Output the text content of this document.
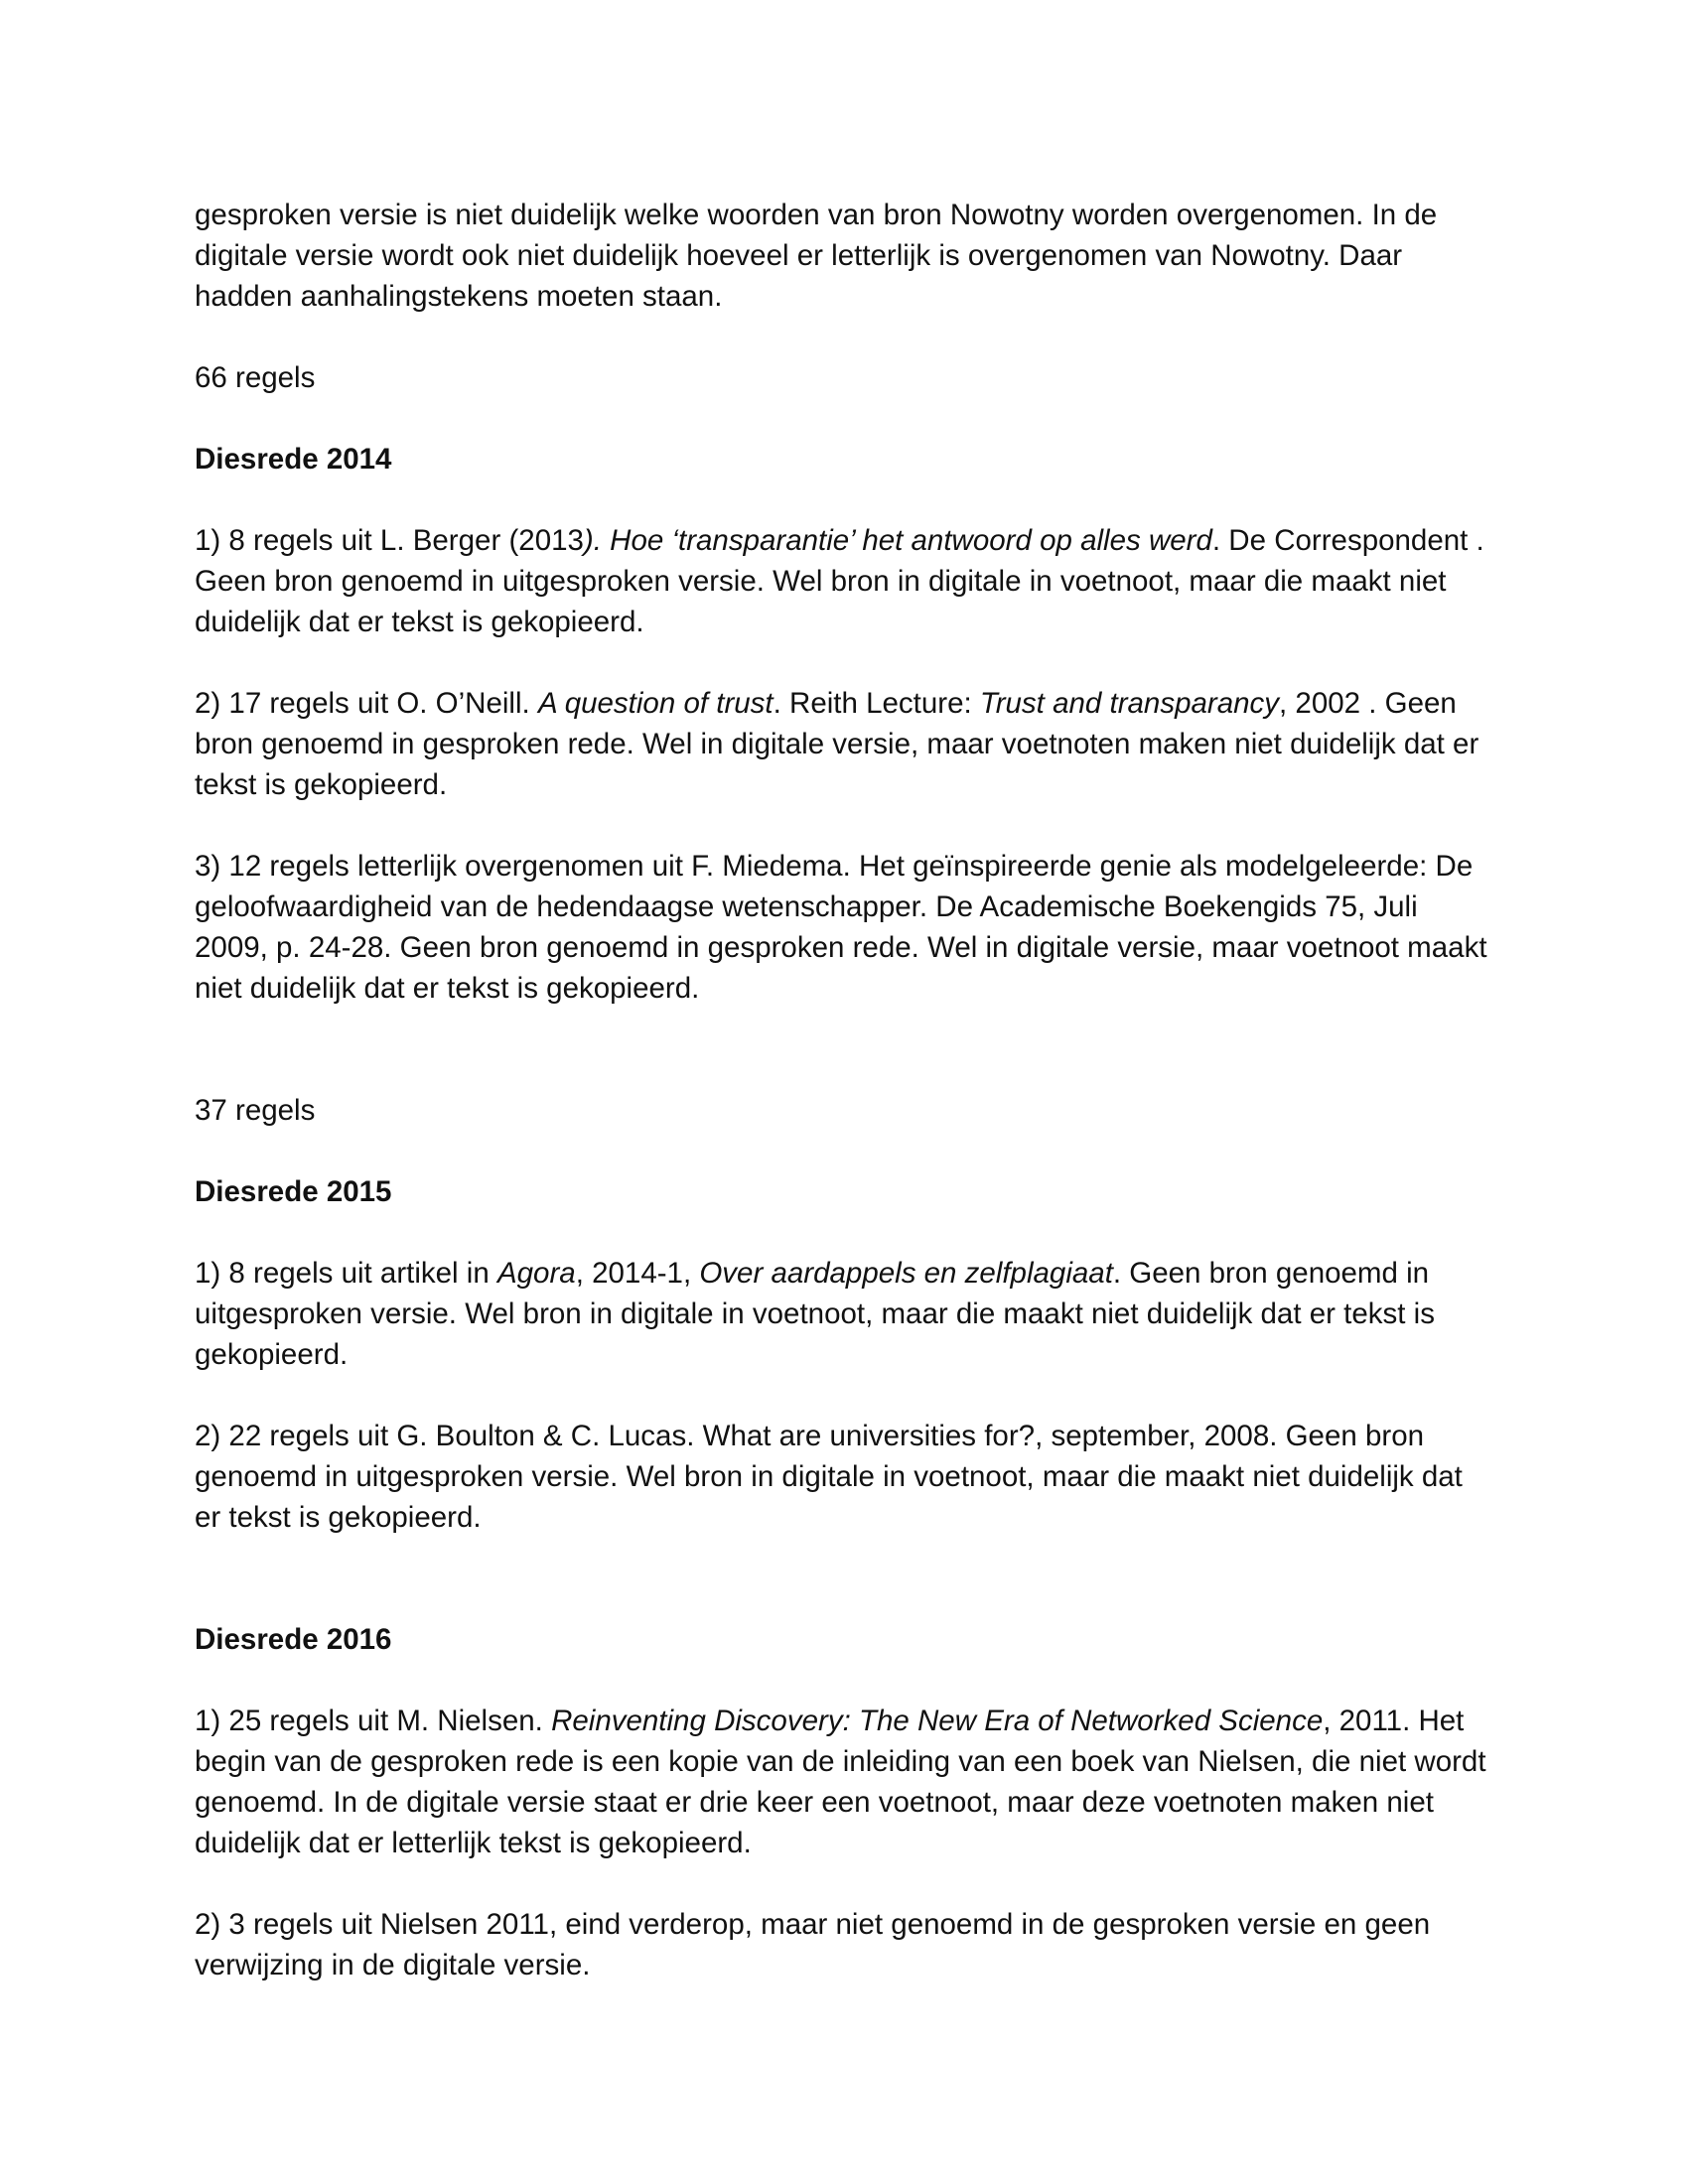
gesproken versie is niet duidelijk welke woorden van bron Nowotny worden overgenomen. In de digitale versie wordt ook niet duidelijk hoeveel er letterlijk is overgenomen van Nowotny. Daar hadden aanhalingstekens moeten staan.

66 regels

Diesrede 2014

1) 8 regels uit L. Berger (2013). Hoe ‘transparantie’ het antwoord op alles werd. De Correspondent . Geen bron genoemd in uitgesproken versie. Wel bron in digitale in voetnoot, maar die maakt niet duidelijk dat er tekst is gekopieerd.

2) 17 regels uit O. O’Neill. A question of trust. Reith Lecture: Trust and transparancy, 2002 . Geen bron genoemd in gesproken rede. Wel in digitale versie, maar voetnoten maken niet duidelijk dat er tekst is gekopieerd.

3) 12 regels letterlijk overgenomen uit F. Miedema. Het geïnspireerde genie als modelgeleerde: De geloofwaardigheid van de hedendaagse wetenschapper. De Academische Boekengids 75, Juli 2009, p. 24-28. Geen bron genoemd in gesproken rede. Wel in digitale versie, maar voetnoot maakt niet duidelijk dat er tekst is gekopieerd.

37 regels

Diesrede 2015

1) 8 regels uit artikel in Agora, 2014-1, Over aardappels en zelfplagiaat. Geen bron genoemd in uitgesproken versie. Wel bron in digitale in voetnoot, maar die maakt niet duidelijk dat er tekst is gekopieerd.

2) 22 regels uit G. Boulton & C. Lucas. What are universities for?, september, 2008. Geen bron genoemd in uitgesproken versie. Wel bron in digitale in voetnoot, maar die maakt niet duidelijk dat er tekst is gekopieerd.

Diesrede 2016

1) 25 regels uit M. Nielsen. Reinventing Discovery: The New Era of Networked Science, 2011. Het begin van de gesproken rede is een kopie van de inleiding van een boek van Nielsen, die niet wordt genoemd. In de digitale versie staat er drie keer een voetnoot, maar deze voetnoten maken niet duidelijk dat er letterlijk tekst is gekopieerd.

2) 3 regels uit Nielsen 2011, eind verderop, maar niet genoemd in de gesproken versie en geen verwijzing in de digitale versie.
